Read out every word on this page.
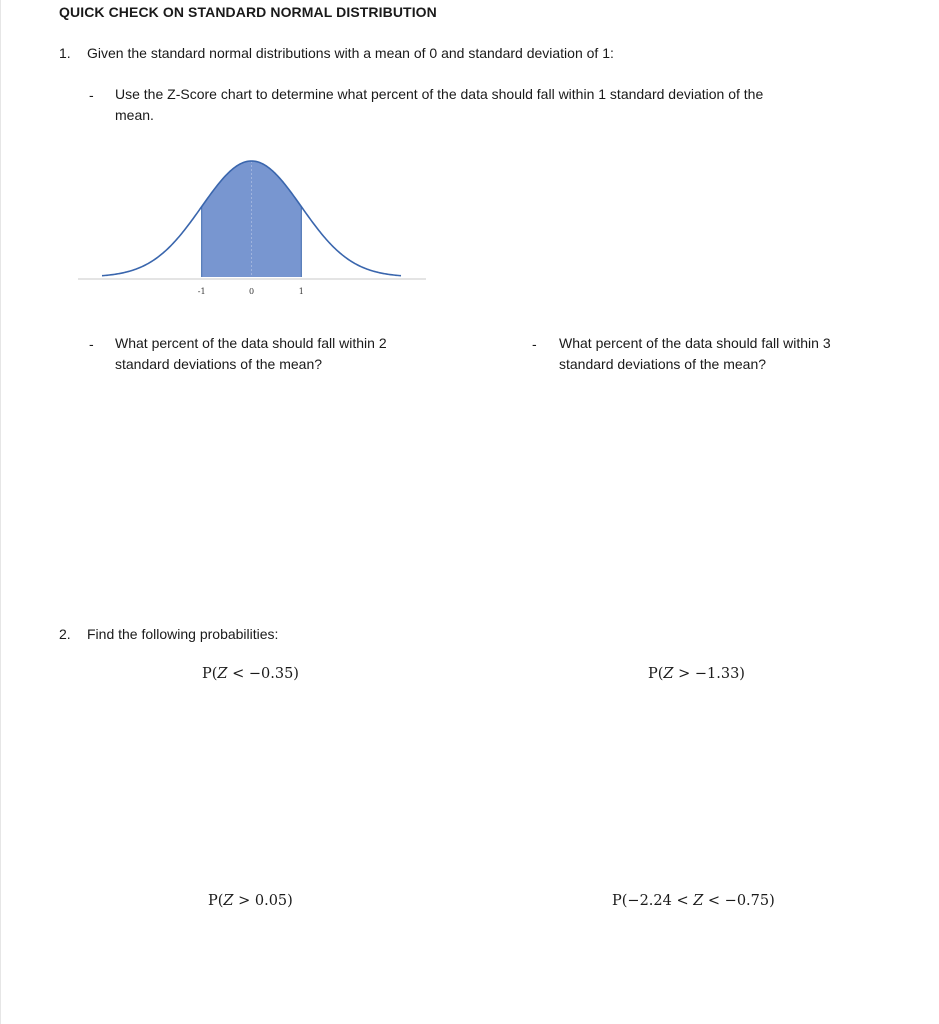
QUICK CHECK ON STANDARD NORMAL DISTRIBUTION
1. Given the standard normal distributions with a mean of 0 and standard deviation of 1:
- Use the Z-Score chart to determine what percent of the data should fall within 1 standard deviation of the
mean.
-1	0	1
- What percent of the data should fall within 2
standard deviations of the mean?
- What percent of the data should fall within 3
standard deviations of the mean?
2. Find the following probabilities:
P(Z < −0.35)	P(Z > −1.33)
P(Z > 0.05)	P(−2.24 < Z < −0.75)
